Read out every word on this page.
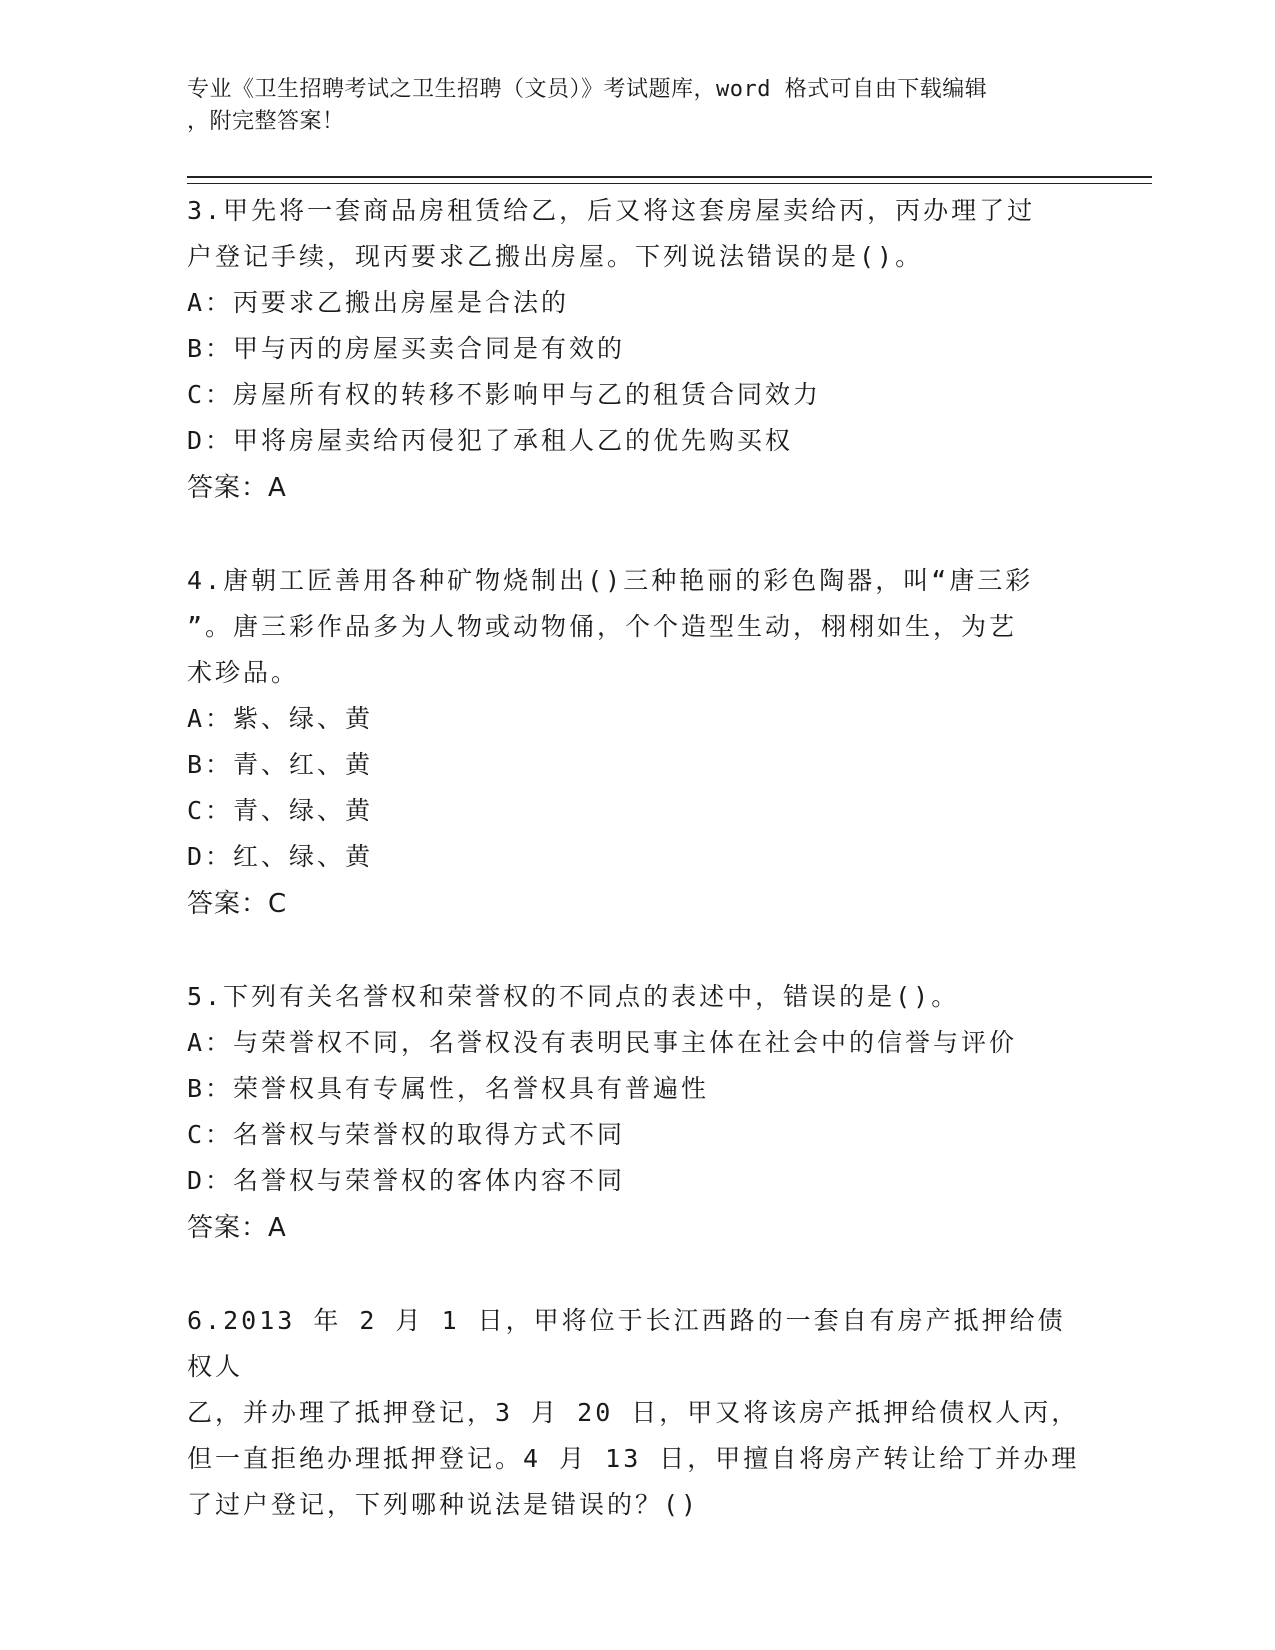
专业《卫生招聘考试之卫生招聘（文员）》考试题库，word 格式可自由下载编辑
，附完整答案！
3.甲先将一套商品房租赁给乙，后又将这套房屋卖给丙，丙办理了过
户登记手续，现丙要求乙搬出房屋。下列说法错误的是()。
A：丙要求乙搬出房屋是合法的
B：甲与丙的房屋买卖合同是有效的
C：房屋所有权的转移不影响甲与乙的租赁合同效力
D：甲将房屋卖给丙侵犯了承租人乙的优先购买权
答案：A
4.唐朝工匠善用各种矿物烧制出()三种艳丽的彩色陶器，叫“唐三彩
”。唐三彩作品多为人物或动物俑，个个造型生动，栩栩如生，为艺
术珍品。
A：紫、绿、黄
B：青、红、黄
C：青、绿、黄
D：红、绿、黄
答案：C
5.下列有关名誉权和荣誉权的不同点的表述中，错误的是()。
A：与荣誉权不同，名誉权没有表明民事主体在社会中的信誉与评价
B：荣誉权具有专属性，名誉权具有普遍性
C：名誉权与荣誉权的取得方式不同
D：名誉权与荣誉权的客体内容不同
答案：A
6.2013 年 2 月 1 日，甲将位于长江西路的一套自有房产抵押给债权人
乙，并办理了抵押登记，3 月 20 日，甲又将该房产抵押给债权人丙，
但一直拒绝办理抵押登记。4 月 13 日，甲擅自将房产转让给丁并办理
了过户登记，下列哪种说法是错误的？()
